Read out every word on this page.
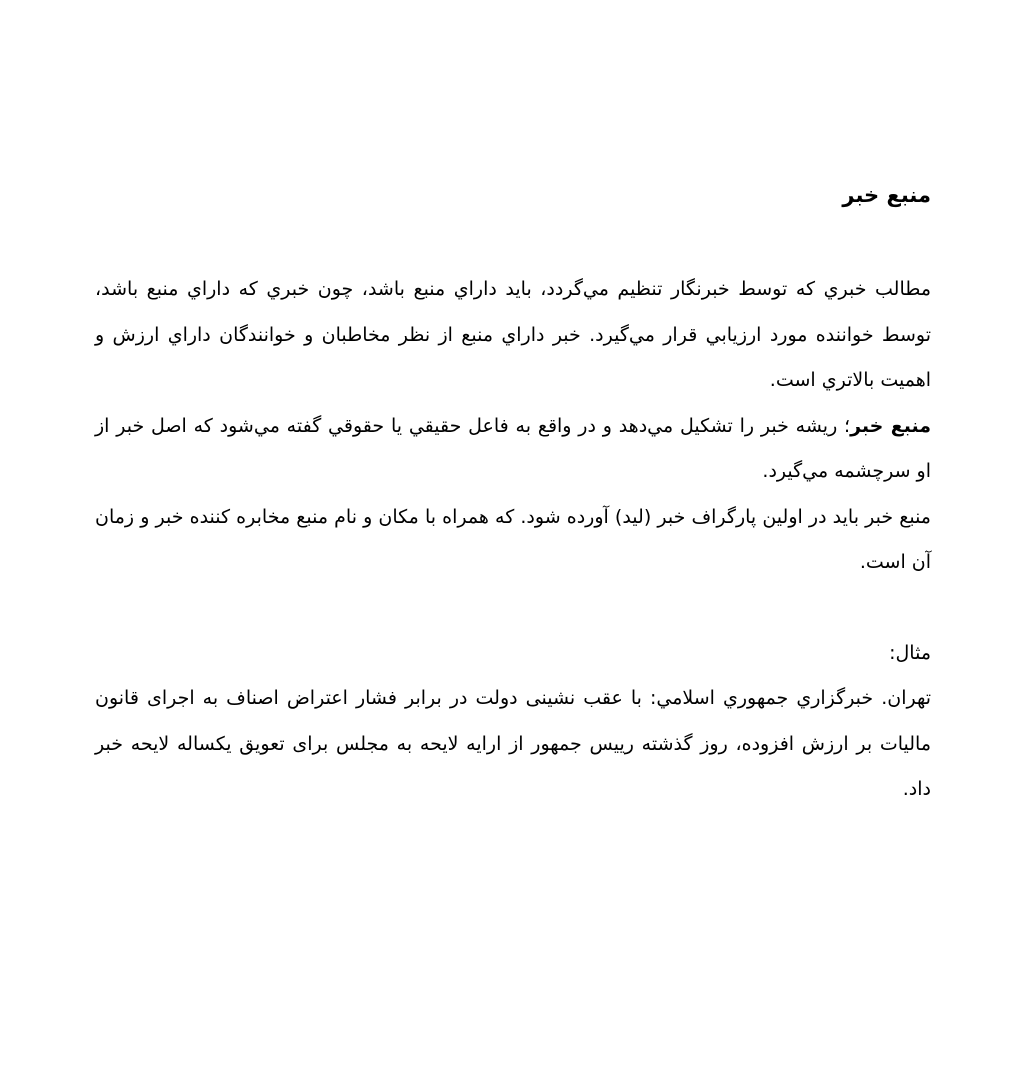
منبع خبر

مطالب خبري كه توسط خبرنگار تنظيم مي‌گردد، بايد داراي منبع باشد، چون خبري كه داراي منبع باشد، توسط خواننده مورد ارزيابي قرار مي‌گيرد. خبر داراي منبع از نظر مخاطبان و خوانندگان داراي ارزش و اهميت بالاتري است.

منبع خبر؛ ريشه خبر را تشكيل مي‌دهد و در واقع به فاعل حقيقي يا حقوقي گفته مي‌شود كه اصل خبر از او سرچشمه مي‌گيرد.

منبع خبر بايد در اولين پارگراف خبر (ليد) آورده شود. كه همراه با مكان و نام منبع مخابره كننده خبر و زمان آن است.

مثال:

تهران. خبرگزاري جمهوري اسلامي: با عقب نشینی دولت در برابر فشار اعتراض اصناف به اجرای قانون ماليات بر ارزش افزوده، روز گذشته ريیس جمهور از ارايه لايحه به مجلس برای تعويق يكساله لايحه خبر داد.
